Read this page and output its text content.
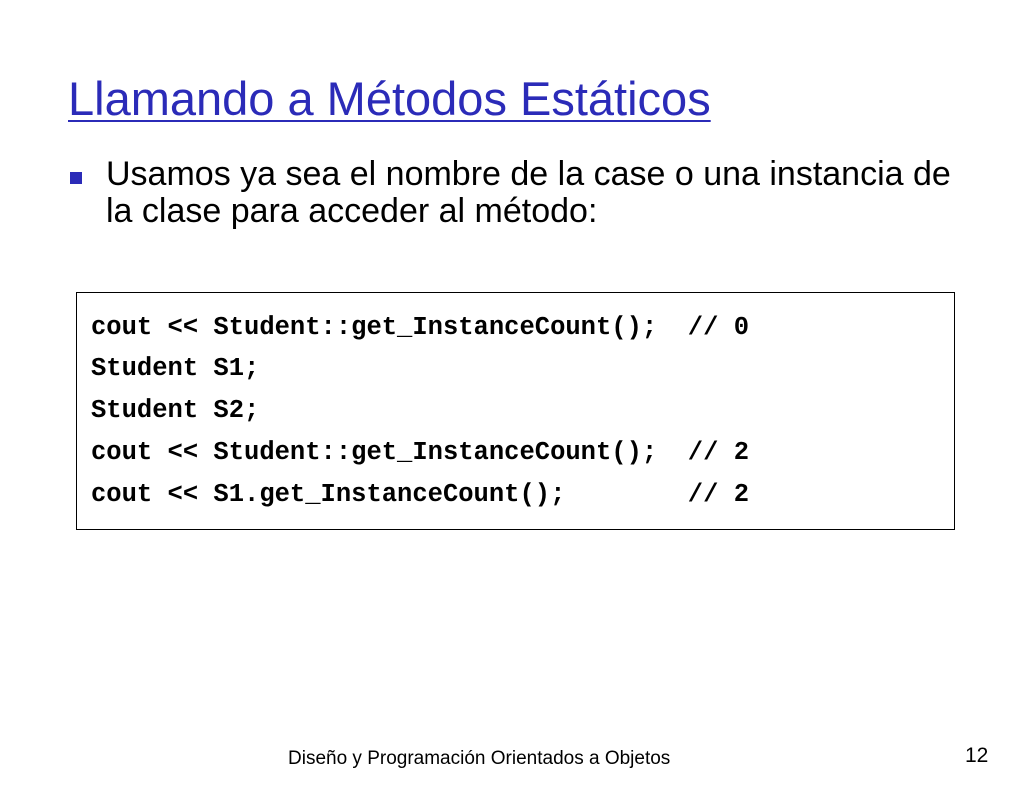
Llamando a Métodos Estáticos
Usamos ya sea el nombre de la case o una instancia de la clase para acceder al método:
cout << Student::get_InstanceCount();  // 0
Student S1;
Student S2;
cout << Student::get_InstanceCount();  // 2
cout << S1.get_InstanceCount();        // 2
Diseño y Programación Orientados a Objetos	12
